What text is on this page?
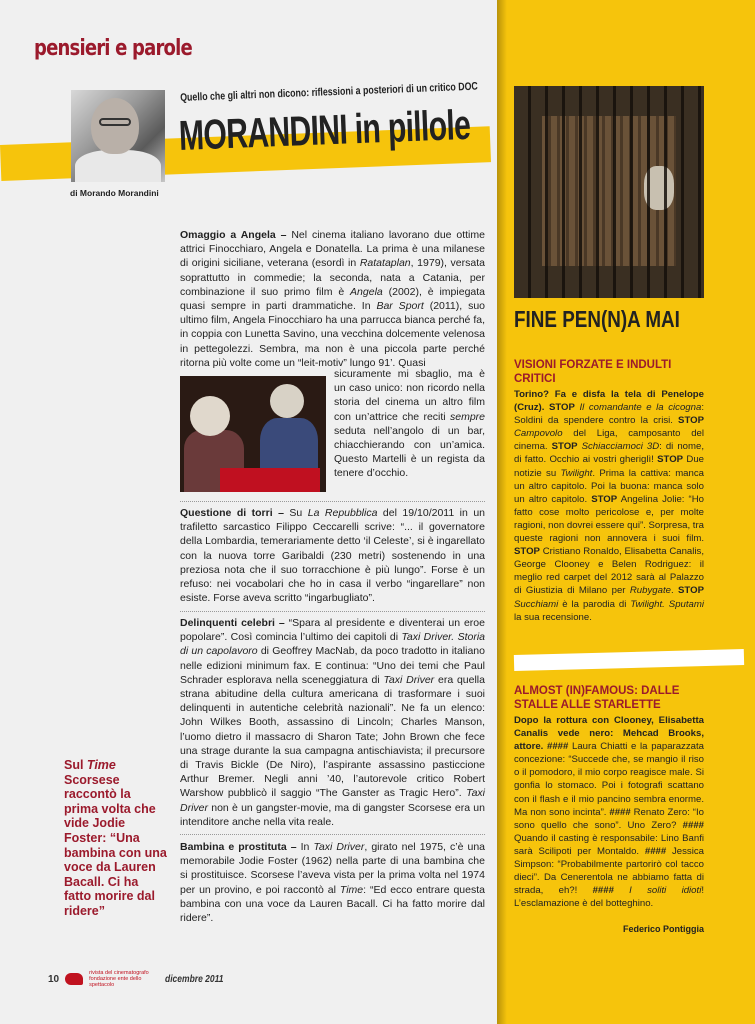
pensieri e parole
di Morando Morandini
Quello che gli altri non dicono: riflessioni a posteriori di un critico DOC
MORANDINI in pillole
Omaggio a Angela – Nel cinema italiano lavorano due ottime attrici Finocchiaro, Angela e Donatella. La prima è una milanese di origini siciliane, veterana (esordì in Ratataplan, 1979), versata soprattutto in commedie; la seconda, nata a Catania, per combinazione il suo primo film è Angela (2002), è impiegata quasi sempre in parti drammatiche. In Bar Sport (2011), suo ultimo film, Angela Finocchiaro ha una parrucca bianca perché fa, in coppia con Lunetta Savino, una vecchina dolcemente velenosa in pettegolezzi. Sembra, ma non è una piccola parte perché ritorna più volte come un “leit-motiv” lungo 91’. Quasi
sicuramente mi sbaglio, ma è un caso unico: non ricordo nella storia del cinema un altro film con un’attrice che reciti sempre seduta nell’angolo di un bar, chiacchierando con un’amica. Questo Martelli è un regista da tenere d’occhio.
Questione di torri – Su La Repubblica del 19/10/2011 in un trafiletto sarcastico Filippo Ceccarelli scrive: “... il governatore della Lombardia, temerariamente detto ‘il Celeste’, si è ingarellato con la nuova torre Garibaldi (230 metri) sostenendo in una preziosa nota che il suo torracchione è più lungo”. Forse è un refuso: nei vocabolari che ho in casa il verbo “ingarellare” non esiste. Forse aveva scritto “ingarbugliato”.
Delinquenti celebri – “Spara al presidente e diventerai un eroe popolare”. Così comincia l’ultimo dei capitoli di Taxi Driver. Storia di un capolavoro di Geoffrey MacNab, da poco tradotto in italiano nelle edizioni minimum fax. E continua: “Uno dei temi che Paul Schrader esplorava nella sceneggiatura di Taxi Driver era quella strana abitudine della cultura americana di trasformare i suoi delinquenti in autentiche celebrità nazionali”. Ne fa un elenco: John Wilkes Booth, assassino di Lincoln; Charles Manson, l’uomo dietro il massacro di Sharon Tate; John Brown che fece una strage durante la sua campagna antischiavista; il precursore di Travis Bickle (De Niro), l’aspirante assassino pasticcione Arthur Bremer. Negli anni ’40, l’autorevole critico Robert Warshow pubblicò il saggio “The Ganster as Tragic Hero”. Taxi Driver non è un gangster-movie, ma di gangster Scorsese era un intenditore anche nella vita reale.
Bambina e prostituta – In Taxi Driver, girato nel 1975, c’è una memorabile Jodie Foster (1962) nella parte di una bambina che si prostituisce. Scorsese l’aveva vista per la prima volta nel 1974 per un provino, e poi raccontò al Time: “Ed ecco entrare questa bambina con una voce da Lauren Bacall. Ci ha fatto morire dal ridere”.
Sul Time Scorsese raccontò la prima volta che vide Jodie Foster: “Una bambina con una voce da Lauren Bacall. Ci ha fatto morire dal ridere”
10
rivista del cinematografo
fondazione ente dello spettacolo
dicembre 2011
FINE PEN(N)A MAI
VISIONI FORZATE E INDULTI CRITICI
Torino? Fa e disfa la tela di Penelope (Cruz). STOP Il comandante e la cicogna: Soldini da spendere contro la crisi. STOP Campovolo del Liga, camposanto del cinema. STOP Schiacciamoci 3D: di nome, di fatto. Occhio ai vostri gheriglì! STOP Due notizie su Twilight. Prima la cattiva: manca un altro capitolo. Poi la buona: manca solo un altro capitolo. STOP Angelina Jolie: “Ho fatto cose molto pericolose e, per molte ragioni, non dovrei essere qui”. Sorpresa, tra queste ragioni non annovera i suoi film. STOP Cristiano Ronaldo, Elisabetta Canalis, George Clooney e Belen Rodriguez: il meglio red carpet del 2012 sarà al Palazzo di Giustizia di Milano per Rubygate. STOP Succhiami è la parodia di Twilight. Sputami la sua recensione.
ALMOST (IN)FAMOUS: DALLE STALLE ALLE STARLETTE
Dopo la rottura con Clooney, Elisabetta Canalis vede nero: Mehcad Brooks, attore. #### Laura Chiatti e la paparazzata concezione: “Succede che, se mangio il riso o il pomodoro, il mio corpo reagisce male. Si gonfia lo stomaco. Poi i fotografi scattano con il flash e il mio pancino sembra enorme. Ma non sono incinta”. #### Renato Zero: “Io sono quello che sono”. Uno Zero? #### Quando il casting è responsabile: Lino Banfi sarà Scilipoti per Montaldo. #### Jessica Simpson: “Probabilmente partorirò col tacco dieci”. Da Cenerentola ne abbiamo fatta di strada, eh?! #### I soliti idioti! L’esclamazione è del botteghino.
Federico Pontiggia
